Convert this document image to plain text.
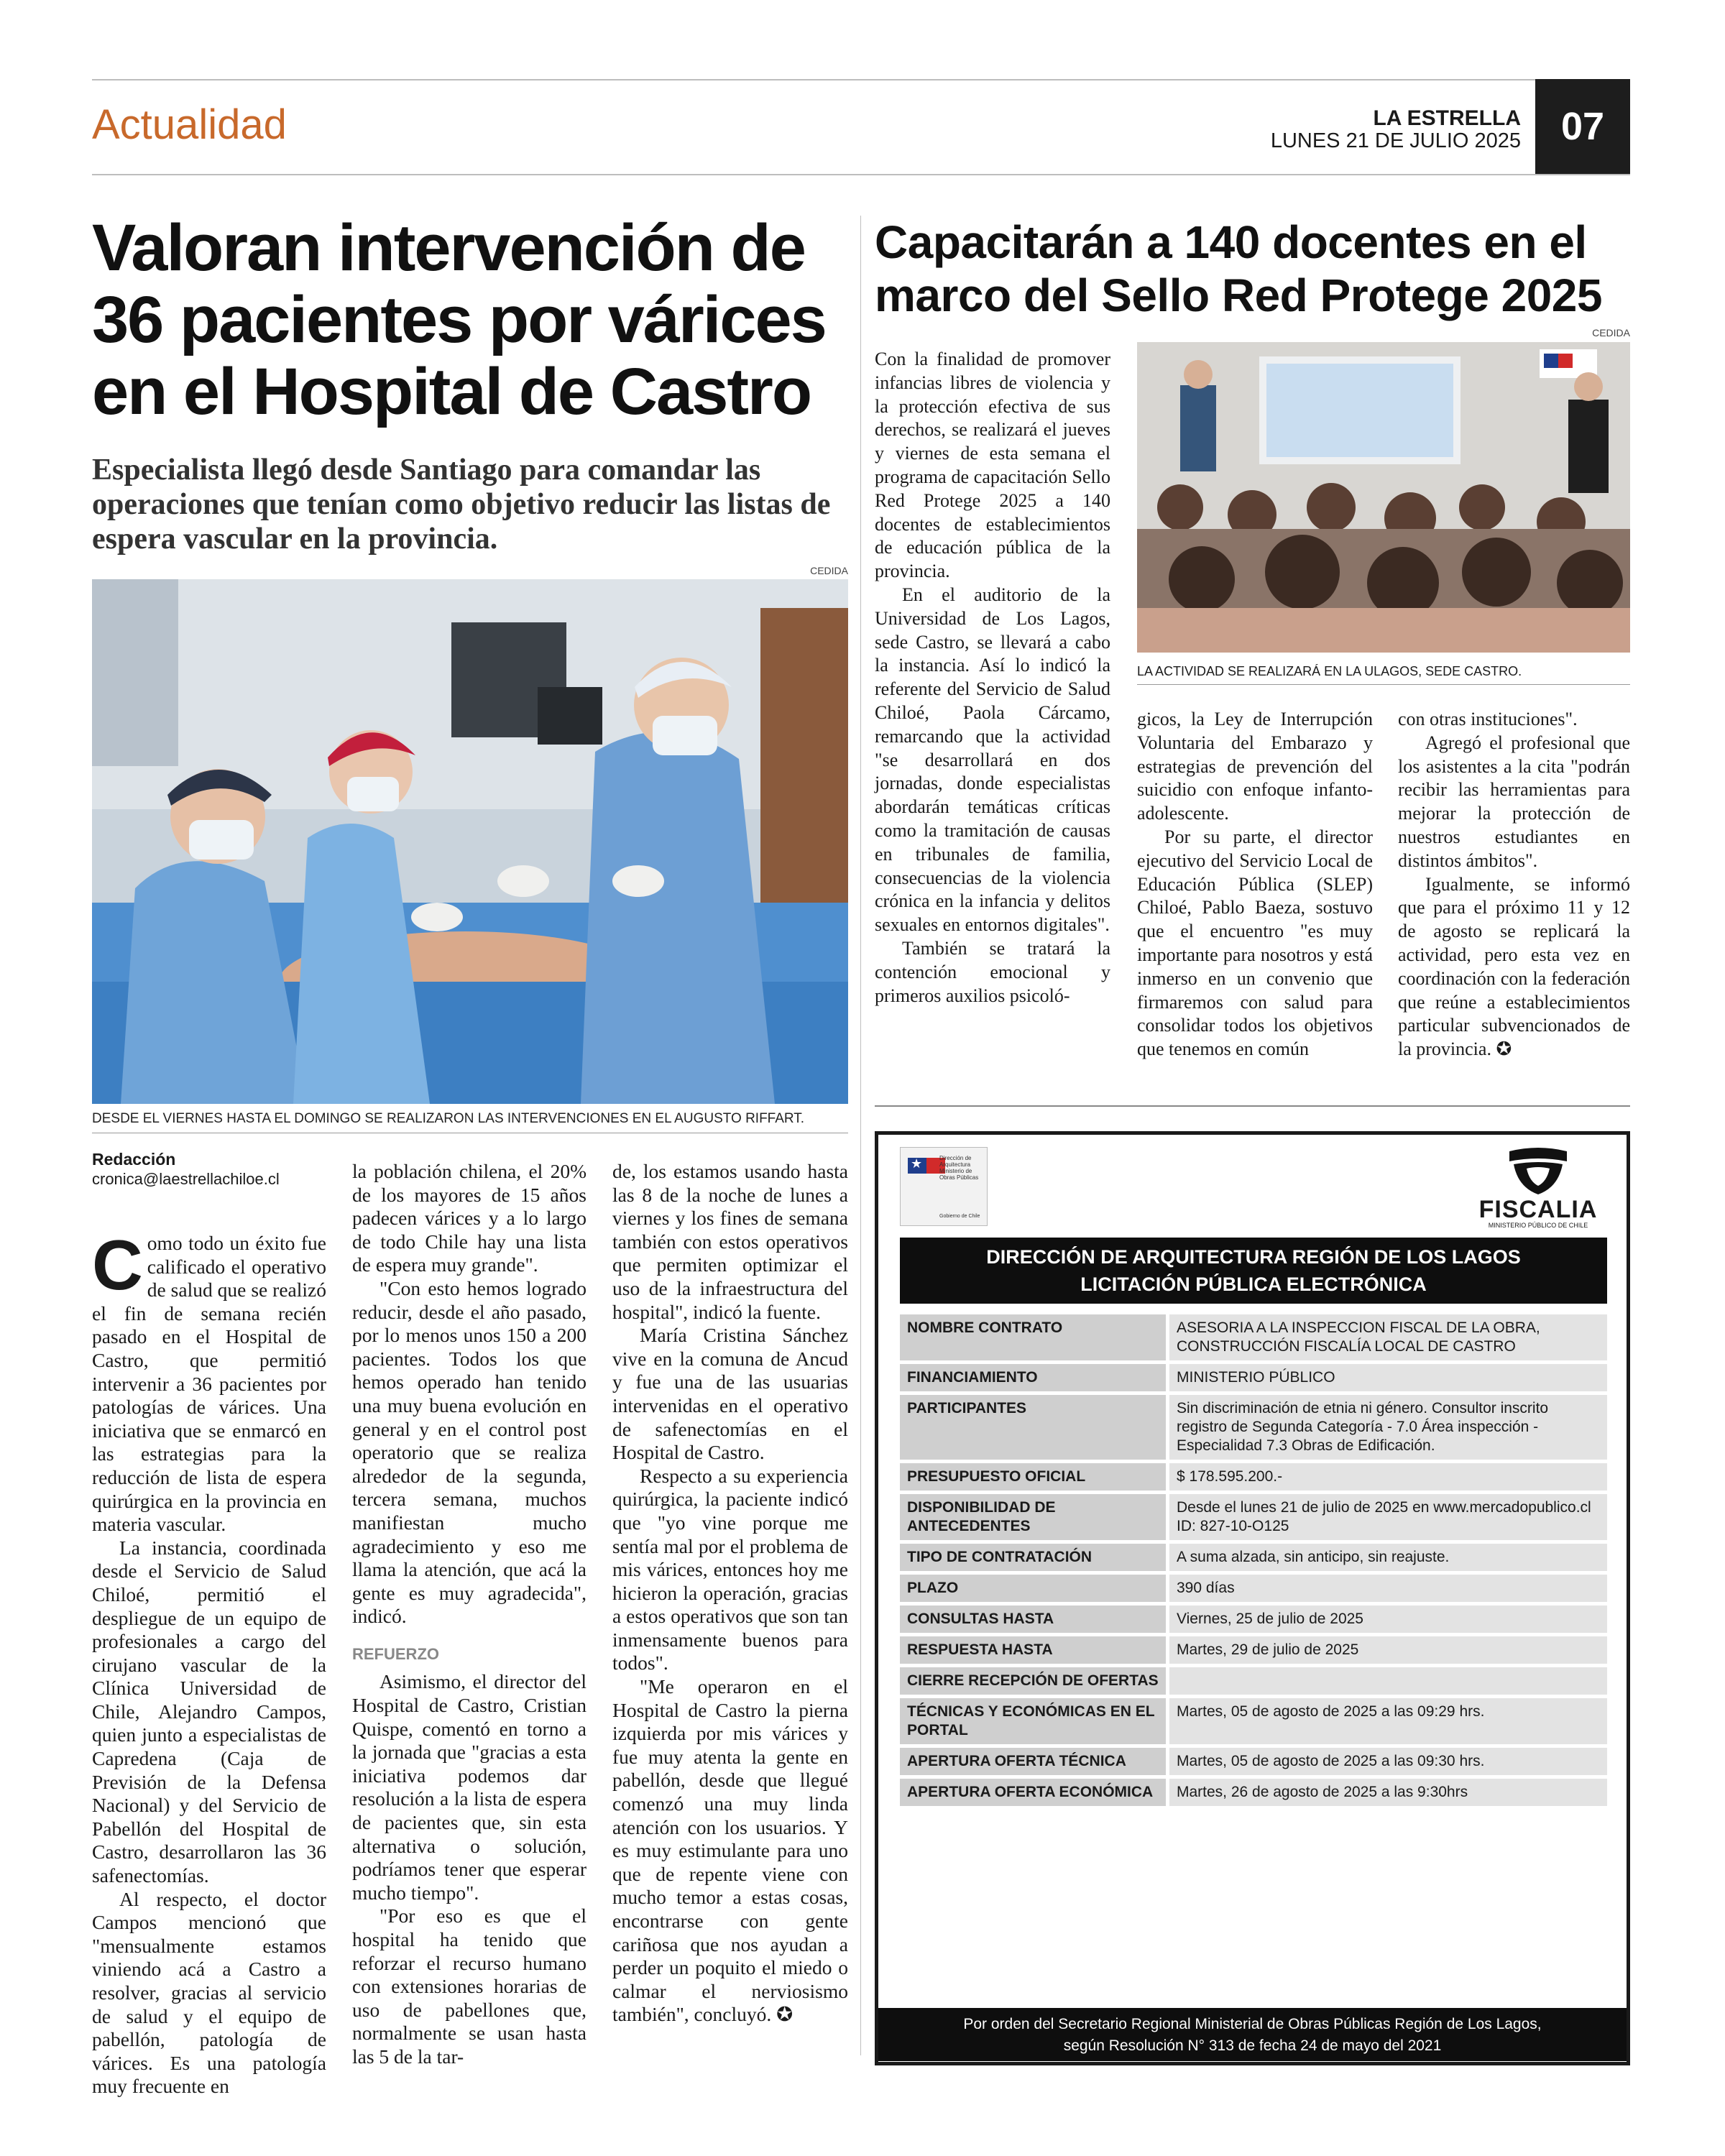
Actualidad	LA ESTRELLA
LUNES 21 DE JULIO 2025	07
Valoran intervención de 36 pacientes por várices en el Hospital de Castro
Especialista llegó desde Santiago para comandar las operaciones que tenían como objetivo reducir las listas de espera vascular en la provincia.
CEDIDA
DESDE EL VIERNES HASTA EL DOMINGO SE REALIZARON LAS INTERVENCIONES EN EL AUGUSTO RIFFART.
Redacción
cronica@laestrellachiloe.cl

Como todo un éxito fue calificado el operativo de salud que se realizó el fin de semana recién pasado en el Hospital de Castro, que permitió intervenir a 36 pacientes por patologías de várices. Una iniciativa que se enmarcó en las estrategias para la reducción de lista de espera quirúrgica en la provincia en materia vascular.

La instancia, coordinada desde el Servicio de Salud Chiloé, permitió el despliegue de un equipo de profesionales a cargo del cirujano vascular de la Clínica Universidad de Chile, Alejandro Campos, quien junto a especialistas de Capredena (Caja de Previsión de la Defensa Nacional) y del Servicio de Pabellón del Hospital de Castro, desarrollaron las 36 safenectomías.

Al respecto, el doctor Campos mencionó que "mensualmente estamos viniendo acá a Castro a resolver, gracias al servicio de salud y el equipo de pabellón, patología de várices. Es una patología muy frecuente en

la población chilena, el 20% de los mayores de 15 años padecen várices y a lo largo de todo Chile hay una lista de espera muy grande".

"Con esto hemos logrado reducir, desde el año pasado, por lo menos unos 150 a 200 pacientes. Todos los que hemos operado han tenido una muy buena evolución en general y en el control post operatorio que se realiza alrededor de la segunda, tercera semana, muchos manifiestan mucho agradecimiento y eso me llama la atención, que acá la gente es muy agradecida", indicó.

REFUERZO

Asimismo, el director del Hospital de Castro, Cristian Quispe, comentó en torno a la jornada que "gracias a esta iniciativa podemos dar resolución a la lista de espera de pacientes que, sin esta alternativa o solución, podríamos tener que esperar mucho tiempo".

"Por eso es que el hospital ha tenido que reforzar el recurso humano con extensiones horarias de uso de pabellones que, normalmente se usan hasta las 5 de la tar-

de, los estamos usando hasta las 8 de la noche de lunes a viernes y los fines de semana también con estos operativos que permiten optimizar el uso de la infraestructura del hospital", indicó la fuente.

María Cristina Sánchez vive en la comuna de Ancud y fue una de las usuarias intervenidas en el operativo de safenectomías en el Hospital de Castro.

Respecto a su experiencia quirúrgica, la paciente indicó que "yo vine porque me sentía mal por el problema de mis várices, entonces hoy me hicieron la operación, gracias a estos operativos que son tan inmensamente buenos para todos".

"Me operaron en el Hospital de Castro la pierna izquierda por mis várices y fue muy atenta la gente en pabellón, desde que llegué comenzó una muy linda atención con los usuarios. Y es muy estimulante para uno que de repente viene con mucho temor a estas cosas, encontrarse con gente cariñosa que nos ayudan a perder un poquito el miedo o calmar el nerviosismo también", concluyó. ✪

Capacitarán a 140 docentes en el marco del Sello Red Protege 2025
CEDIDA

Con la finalidad de promover infancias libres de violencia y la protección efectiva de sus derechos, se realizará el jueves y viernes de esta semana el programa de capacitación Sello Red Protege 2025 a 140 docentes de establecimientos de educación pública de la provincia.

En el auditorio de la Universidad de Los Lagos, sede Castro, se llevará a cabo la instancia. Así lo indicó la referente del Servicio de Salud Chiloé, Paola Cárcamo, remarcando que la actividad "se desarrollará en dos jornadas, donde especialistas abordarán temáticas críticas como la tramitación de causas en tribunales de familia, consecuencias de la violencia crónica en la infancia y delitos sexuales en entornos digitales".

También se tratará la contención emocional y primeros auxilios psicoló-

LA ACTIVIDAD SE REALIZARÁ EN LA ULAGOS, SEDE CASTRO.

gicos, la Ley de Interrupción Voluntaria del Embarazo y estrategias de prevención del suicidio con enfoque infanto-adolescente.

Por su parte, el director ejecutivo del Servicio Local de Educación Pública (SLEP) Chiloé, Pablo Baeza, sostuvo que el encuentro "es muy importante para nosotros y está inmerso en un convenio que firmaremos con salud para consolidar todos los objetivos que tenemos en común

con otras instituciones".

Agregó el profesional que los asistentes a la cita "podrán recibir las herramientas para mejorar la protección de nuestros estudiantes en distintos ámbitos".

Igualmente, se informó que para el próximo 11 y 12 de agosto se replicará la actividad, pero esta vez en coordinación con la federación que reúne a establecimientos particular subvencionados de la provincia. ✪

★	Dirección de Arquitectura Ministerio de Obras Públicas
Gobierno de Chile	FISCALIA
MINISTERIO PÚBLICO DE CHILE
DIRECCIÓN DE ARQUITECTURA REGIÓN DE LOS LAGOS
LICITACIÓN PÚBLICA ELECTRÓNICA
NOMBRE CONTRATO	ASESORIA A LA INSPECCION FISCAL DE LA OBRA, CONSTRUCCIÓN FISCALÍA LOCAL DE CASTRO
FINANCIAMIENTO	MINISTERIO PÚBLICO
PARTICIPANTES	Sin discriminación de etnia ni género. Consultor inscrito registro de Segunda Categoría - 7.0 Área inspección - Especialidad 7.3 Obras de Edificación.
PRESUPUESTO OFICIAL	$ 178.595.200.-
DISPONIBILIDAD DE ANTECEDENTES	Desde el lunes 21 de julio de 2025 en www.mercadopublico.cl ID: 827-10-O125
TIPO DE CONTRATACIÓN	A suma alzada, sin anticipo, sin reajuste.
PLAZO	390 días
CONSULTAS HASTA	Viernes, 25 de julio de 2025
RESPUESTA HASTA	Martes, 29 de julio de 2025
CIERRE RECEPCIÓN DE OFERTAS	
TÉCNICAS Y ECONÓMICAS EN EL PORTAL	Martes, 05 de agosto de 2025 a las 09:29 hrs.
APERTURA OFERTA TÉCNICA	Martes, 05 de agosto de 2025 a las 09:30 hrs.
APERTURA OFERTA ECONÓMICA	Martes, 26 de agosto de 2025 a las 9:30hrs
Por orden del Secretario Regional Ministerial de Obras Públicas Región de Los Lagos,
según Resolución N° 313 de fecha 24 de mayo del 2021
